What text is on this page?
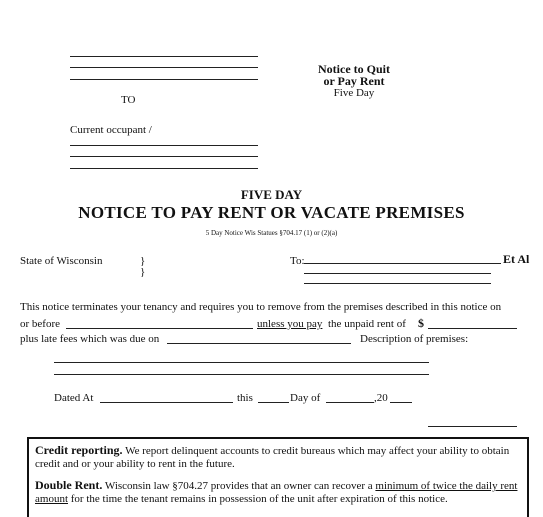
TO
Notice to Quit
or Pay Rent
Five Day
Current occupant /
FIVE DAY
NOTICE TO PAY RENT OR VACATE PREMISES
5 Day Notice Wis Statues §704.17 (1) or (2)(a)
State of Wisconsin	}
}
To:	Et Al
This notice terminates your tenancy and requires you to remove from the premises described in this notice on
or before	unless you pay the unpaid rent of $
plus late fees which was due on	Description of premises:
Dated At	this	Day of	,20

Credit reporting. We report delinquent accounts to credit bureaus which may affect your ability to obtain credit and or your ability to rent in the future.

Double Rent. Wisconsin law §704.27 provides that an owner can recover a minimum of twice the daily rent amount for the time the tenant remains in possession of the unit after expiration of this notice.
